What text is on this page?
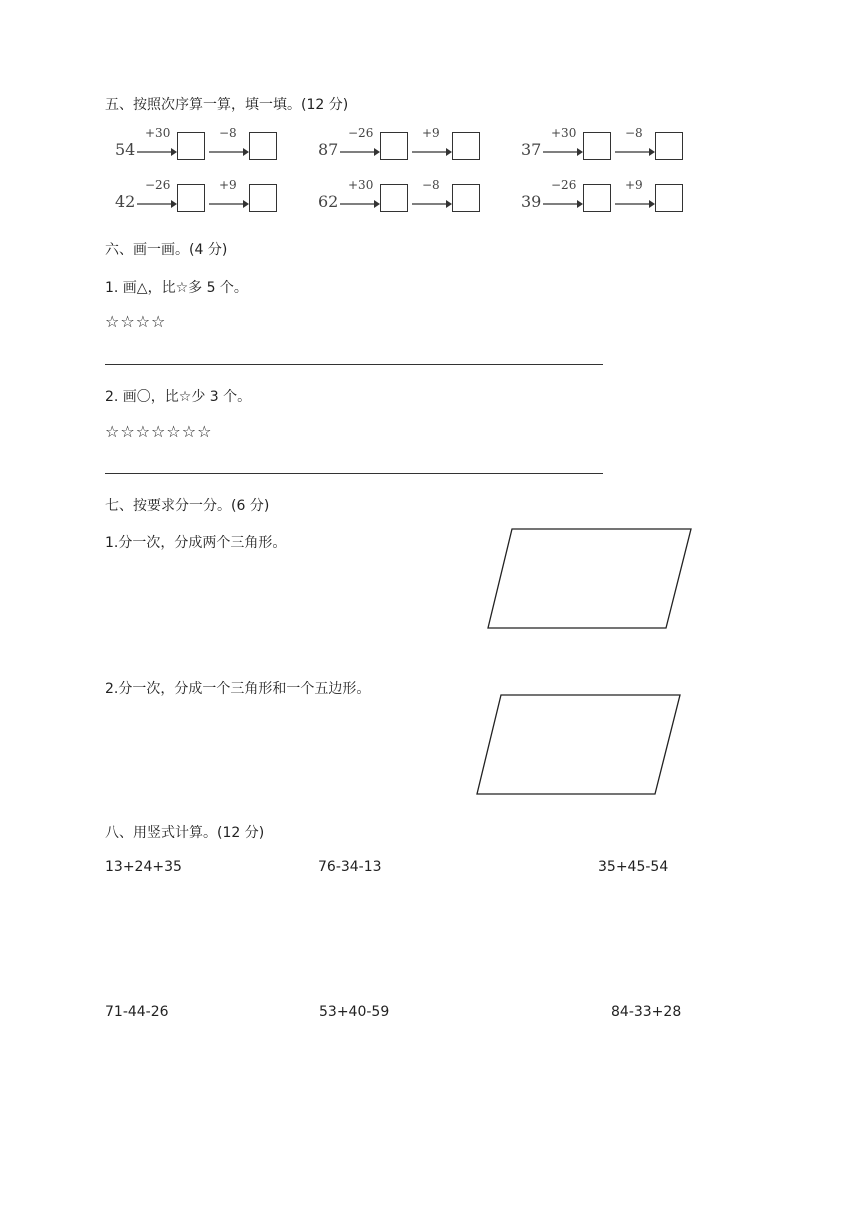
五、按照次序算一算，填一填。(12 分)
54
+30	−8
87
−26	+9
37
+30	−8
42
−26	+9
62
+30	−8
39
−26	+9
六、画一画。(4 分)
1. 画△，比☆多 5 个。
☆☆☆☆
2. 画〇，比☆少 3 个。
☆☆☆☆☆☆☆
七、按要求分一分。(6 分)
1.分一次，分成两个三角形。
2.分一次，分成一个三角形和一个五边形。
八、用竖式计算。(12 分)
13+24+35	76-34-13	35+45-54
71-44-26	53+40-59	84-33+28
